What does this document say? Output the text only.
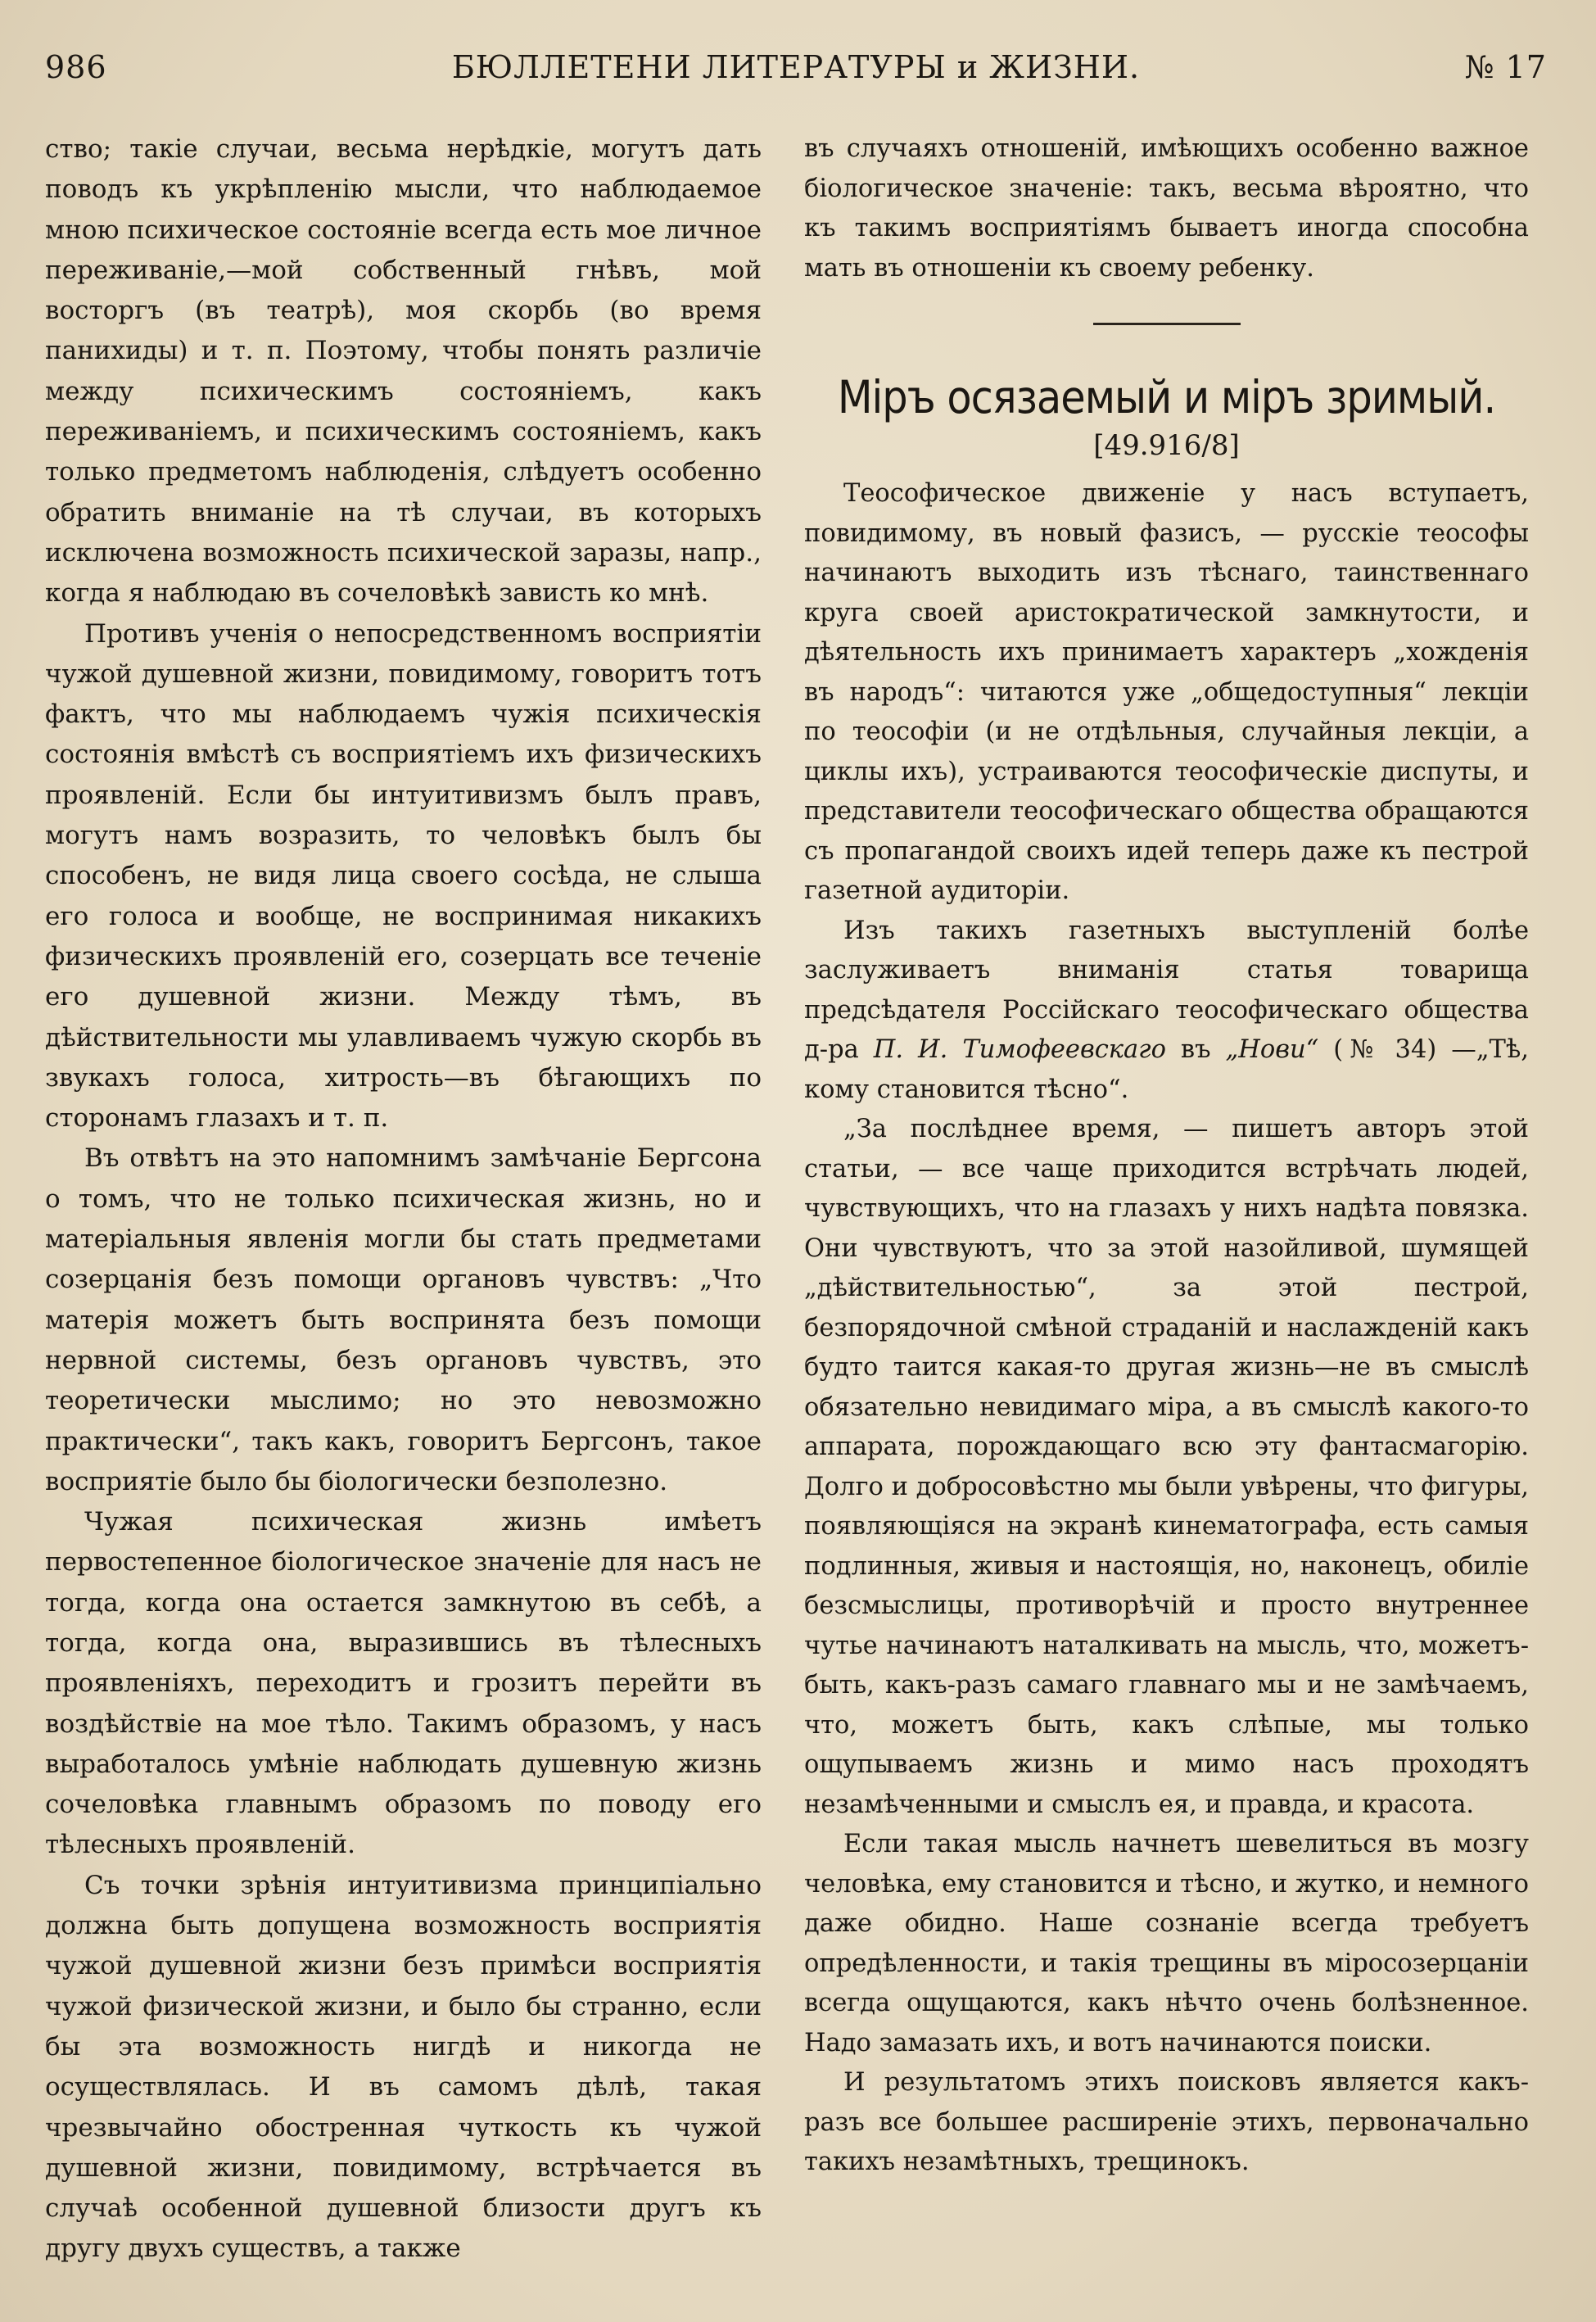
986	БЮЛЛЕТЕНИ ЛИТЕРАТУРЫ и ЖИЗНИ.	№ 17

ство; такіе случаи, весьма нерѣдкіе, могутъ дать поводъ къ укрѣпленію мысли, что наблюдаемое мною психическое состояніе всегда есть мое личное переживаніе,—мой собственный гнѣвъ, мой восторгъ (въ театрѣ), моя скорбь (во время панихиды) и т. п. Поэтому, чтобы понять различіе между психическимъ состояніемъ, какъ переживаніемъ, и психическимъ состояніемъ, какъ только предметомъ наблюденія, слѣдуетъ особенно обратить вниманіе на тѣ случаи, въ которыхъ исключена возможность психической заразы, напр., когда я наблюдаю въ сочеловѣкѣ зависть ко мнѣ.

Противъ ученія о непосредственномъ восприятіи чужой душевной жизни, повидимому, говоритъ тотъ фактъ, что мы наблюдаемъ чужія психическія состоянія вмѣстѣ съ восприятіемъ ихъ физическихъ проявленій. Если бы интуитивизмъ былъ правъ, могутъ намъ возразить, то человѣкъ былъ бы способенъ, не видя лица своего сосѣда, не слыша его голоса и вообще, не воспринимая никакихъ физическихъ проявленій его, созерцать все теченіе его душевной жизни. Между тѣмъ, въ дѣйствительности мы улавливаемъ чужую скорбь въ звукахъ голоса, хитрость—въ бѣгающихъ по сторонамъ глазахъ и т. п.

Въ отвѣтъ на это напомнимъ замѣчаніе Бергсона о томъ, что не только психическая жизнь, но и матеріальныя явленія могли бы стать предметами созерцанія безъ помощи органовъ чувствъ: „Что матерія можетъ быть воспринята безъ помощи нервной системы, безъ органовъ чувствъ, это теоретически мыслимо; но это невозможно практически“, такъ какъ, говоритъ Бергсонъ, такое восприятіе было бы біологически безполезно.

Чужая психическая жизнь имѣетъ первостепенное біологическое значеніе для насъ не тогда, когда она остается замкнутою въ себѣ, а тогда, когда она, выразившись въ тѣлесныхъ проявленіяхъ, переходитъ и грозитъ перейти въ воздѣйствіе на мое тѣло. Такимъ образомъ, у насъ выработалось умѣніе наблюдать душевную жизнь сочеловѣка главнымъ образомъ по поводу его тѣлесныхъ проявленій.

Съ точки зрѣнія интуитивизма принципіально должна быть допущена возможность восприятія чужой душевной жизни безъ примѣси восприятія чужой физической жизни, и было бы странно, если бы эта возможность нигдѣ и никогда не осуществлялась. И въ самомъ дѣлѣ, такая чрезвычайно обостренная чуткость къ чужой душевной жизни, повидимому, встрѣчается въ случаѣ особенной душевной близости другъ къ другу двухъ существъ, а также

въ случаяхъ отношеній, имѣющихъ особенно важное біологическое значеніе: такъ, весьма вѣроятно, что къ такимъ восприятіямъ бываетъ иногда способна мать въ отношеніи къ своему ребенку.

Міръ осязаемый и міръ зримый.
[49.916/8]

Теософическое движеніе у насъ вступаетъ, повидимому, въ новый фазисъ, — русскіе теософы начинаютъ выходить изъ тѣснаго, таинственнаго круга своей аристократической замкнутости, и дѣятельность ихъ принимаетъ характеръ „хожденія въ народъ“: читаются уже „общедоступныя“ лекціи по теософіи (и не отдѣльныя, случайныя лекціи, а циклы ихъ), устраиваются теософическіе диспуты, и представители теософическаго общества обращаются съ пропагандой своихъ идей теперь даже къ пестрой газетной аудиторіи.

Изъ такихъ газетныхъ выступленій болѣе заслуживаетъ вниманія статья товарища предсѣдателя Россійскаго теософическаго общества д-ра П. И. Тимофеевскаго въ „Нови“ (№ 34) —„Тѣ, кому становится тѣсно“.

„За послѣднее время, — пишетъ авторъ этой статьи, — все чаще приходится встрѣчать людей, чувствующихъ, что на глазахъ у нихъ надѣта повязка. Они чувствуютъ, что за этой назойливой, шумящей „дѣйствительностью“, за этой пестрой, безпорядочной смѣной страданій и наслажденій какъ будто таится какая-то другая жизнь—не въ смыслѣ обязательно невидимаго міра, а въ смыслѣ какого-то аппарата, порождающаго всю эту фантасмагорію. Долго и добросовѣстно мы были увѣрены, что фигуры, появляющіяся на экранѣ кинематографа, есть самыя подлинныя, живыя и настоящія, но, наконецъ, обиліе безсмыслицы, противорѣчій и просто внутреннее чутье начинаютъ наталкивать на мысль, что, можетъ-быть, какъ-разъ самаго главнаго мы и не замѣчаемъ, что, можетъ быть, какъ слѣпые, мы только ощупываемъ жизнь и мимо насъ проходятъ незамѣченными и смыслъ ея, и правда, и красота.

Если такая мысль начнетъ шевелиться въ мозгу человѣка, ему становится и тѣсно, и жутко, и немного даже обидно. Наше сознаніе всегда требуетъ опредѣленности, и такія трещины въ міросозерцаніи всегда ощущаются, какъ нѣчто очень болѣзненное. Надо замазать ихъ, и вотъ начинаются поиски.

И результатомъ этихъ поисковъ является какъ-разъ все большее расширеніе этихъ, первоначально такихъ незамѣтныхъ, трещинокъ.
